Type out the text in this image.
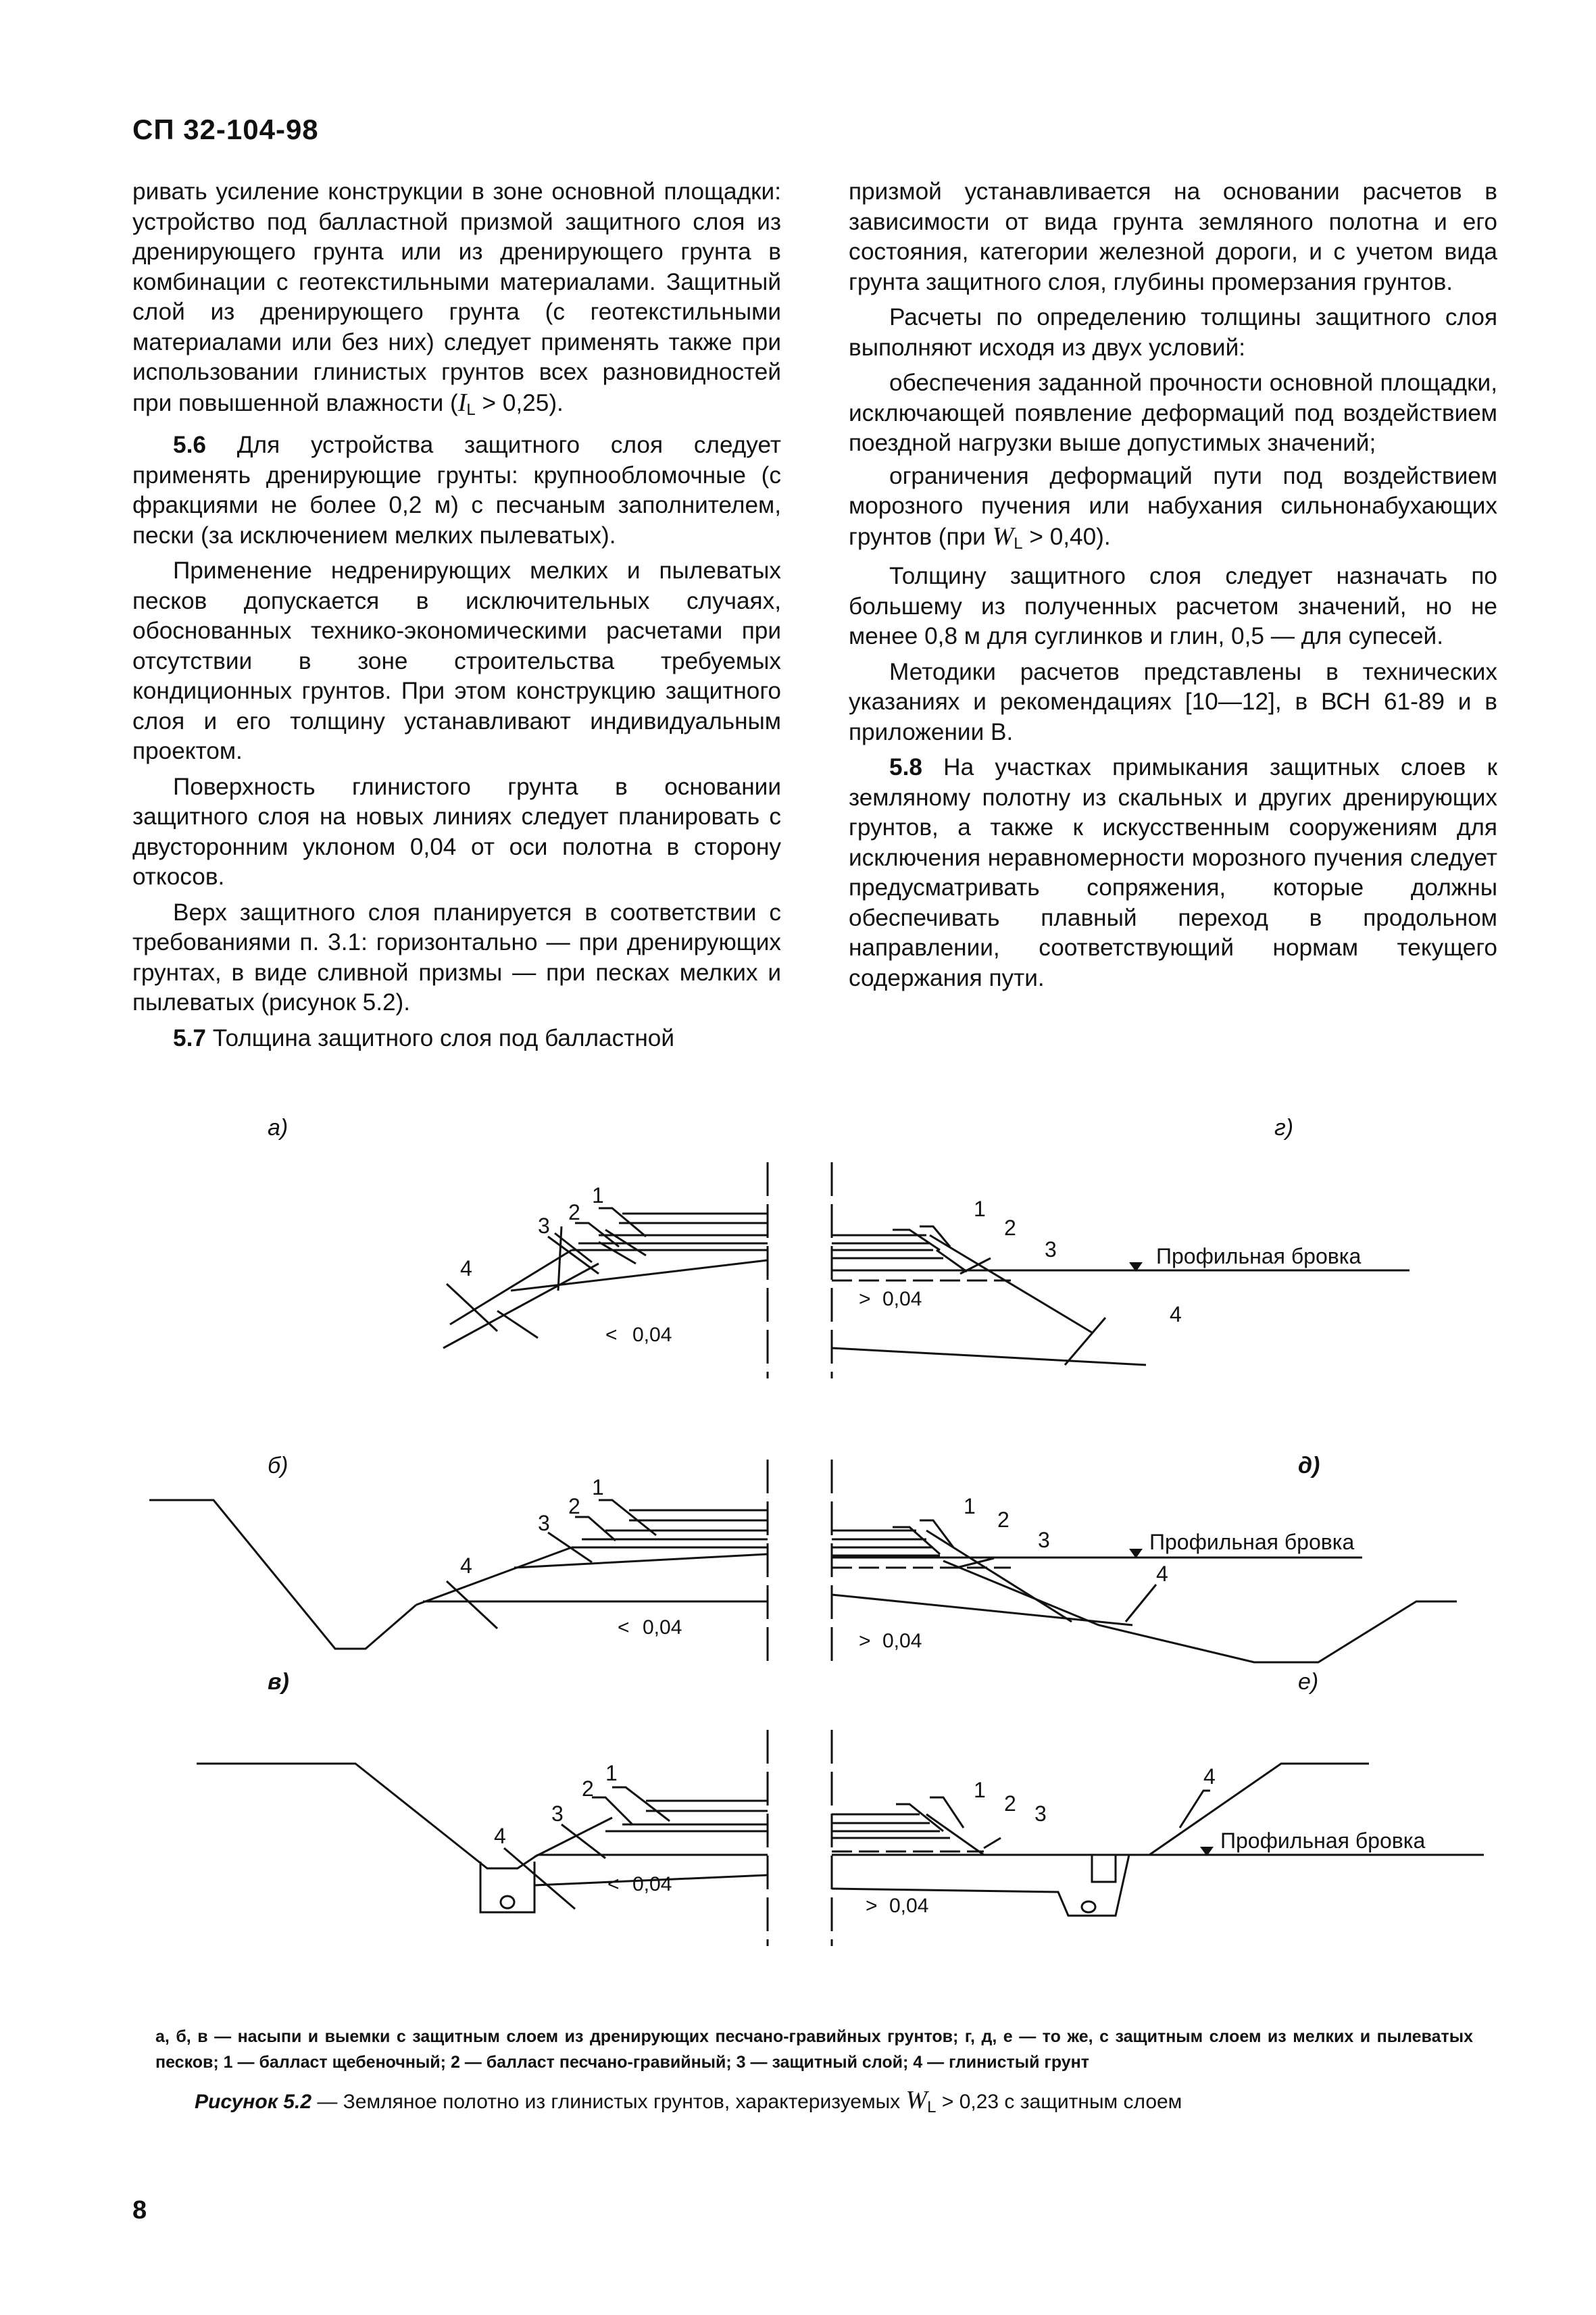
СП 32-104-98

ривать усиление конструкции в зоне основной площадки: устройство под балластной призмой защитного слоя из дренирующего грунта или из дренирующего грунта в комбинации с геотекстильными материалами. Защитный слой из дренирующего грунта (с геотекстильными материалами или без них) следует применять также при использовании глинистых грунтов всех разновидностей при повышенной влажности $(I_L > 0,25)$.

5.6 Для устройства защитного слоя следует применять дренирующие грунты: крупнообломочные (с фракциями не более 0,2 м) с песчаным заполнителем, пески (за исключением мелких пылеватых).

Применение недренирующих мелких и пылеватых песков допускается в исключительных случаях, обоснованных технико-экономическими расчетами при отсутствии в зоне строительства требуемых кондиционных грунтов. При этом конструкцию защитного слоя и его толщину устанавливают индивидуальным проектом.

Поверхность глинистого грунта в основании защитного слоя на новых линиях следует планировать с двусторонним уклоном 0,04 от оси полотна в сторону откосов.

Верх защитного слоя планируется в соответствии с требованиями п. 3.1: горизонтально — при дренирующих грунтах, в виде сливной призмы — при песках мелких и пылеватых (рисунок 5.2).

5.7 Толщина защитного слоя под балластной

призмой устанавливается на основании расчетов в зависимости от вида грунта земляного полотна и его состояния, категории железной дороги, и с учетом вида грунта защитного слоя, глубины промерзания грунтов.

Расчеты по определению толщины защитного слоя выполняют исходя из двух условий:

обеспечения заданной прочности основной площадки, исключающей появление деформаций под воздействием поездной нагрузки выше допустимых значений;

ограничения деформаций пути под воздействием морозного пучения или набухания сильнонабухающих грунтов (при $W_L > 0,40$).

Толщину защитного слоя следует назначать по большему из полученных расчетом значений, но не менее 0,8 м для суглинков и глин, 0,5 — для супесей.

Методики расчетов представлены в технических указаниях и рекомендациях [10—12], в ВСН 61-89 и в приложении В.

5.8 На участках примыкания защитных слоев к земляному полотну из скальных и других дренирующих грунтов, а также к искусственным сооружениям для исключения неравномерности морозного пучения следует предусматривать сопряжения, которые должны обеспечивать плавный переход в продольном направлении, соответствующий нормам текущего содержания пути.

а)	г)
б)	д)
в)	е)
1
2
3
4
0,04
<
1
2
3
4
Профильная бровка
0,04
>
1
2
3
4
0,04
<
1
2
3
4
Профильная бровка
0,04
>
1
2
3
4
0,04
<
1
2 3
4
Профильная бровка
0,04
>
а, б, в — насыпи и выемки с защитным слоем из дренирующих песчано-гравийных грунтов; г, д, е — то же, с защитным слоем из мелких и пылеватых песков; 1 — балласт щебеночный; 2 — балласт песчано-гравийный; 3 — защитный слой; 4 — глинистый грунт
Рисунок 5.2 — Земляное полотно из глинистых грунтов, характеризуемых $W_L > 0,23$ с защитным слоем
8
